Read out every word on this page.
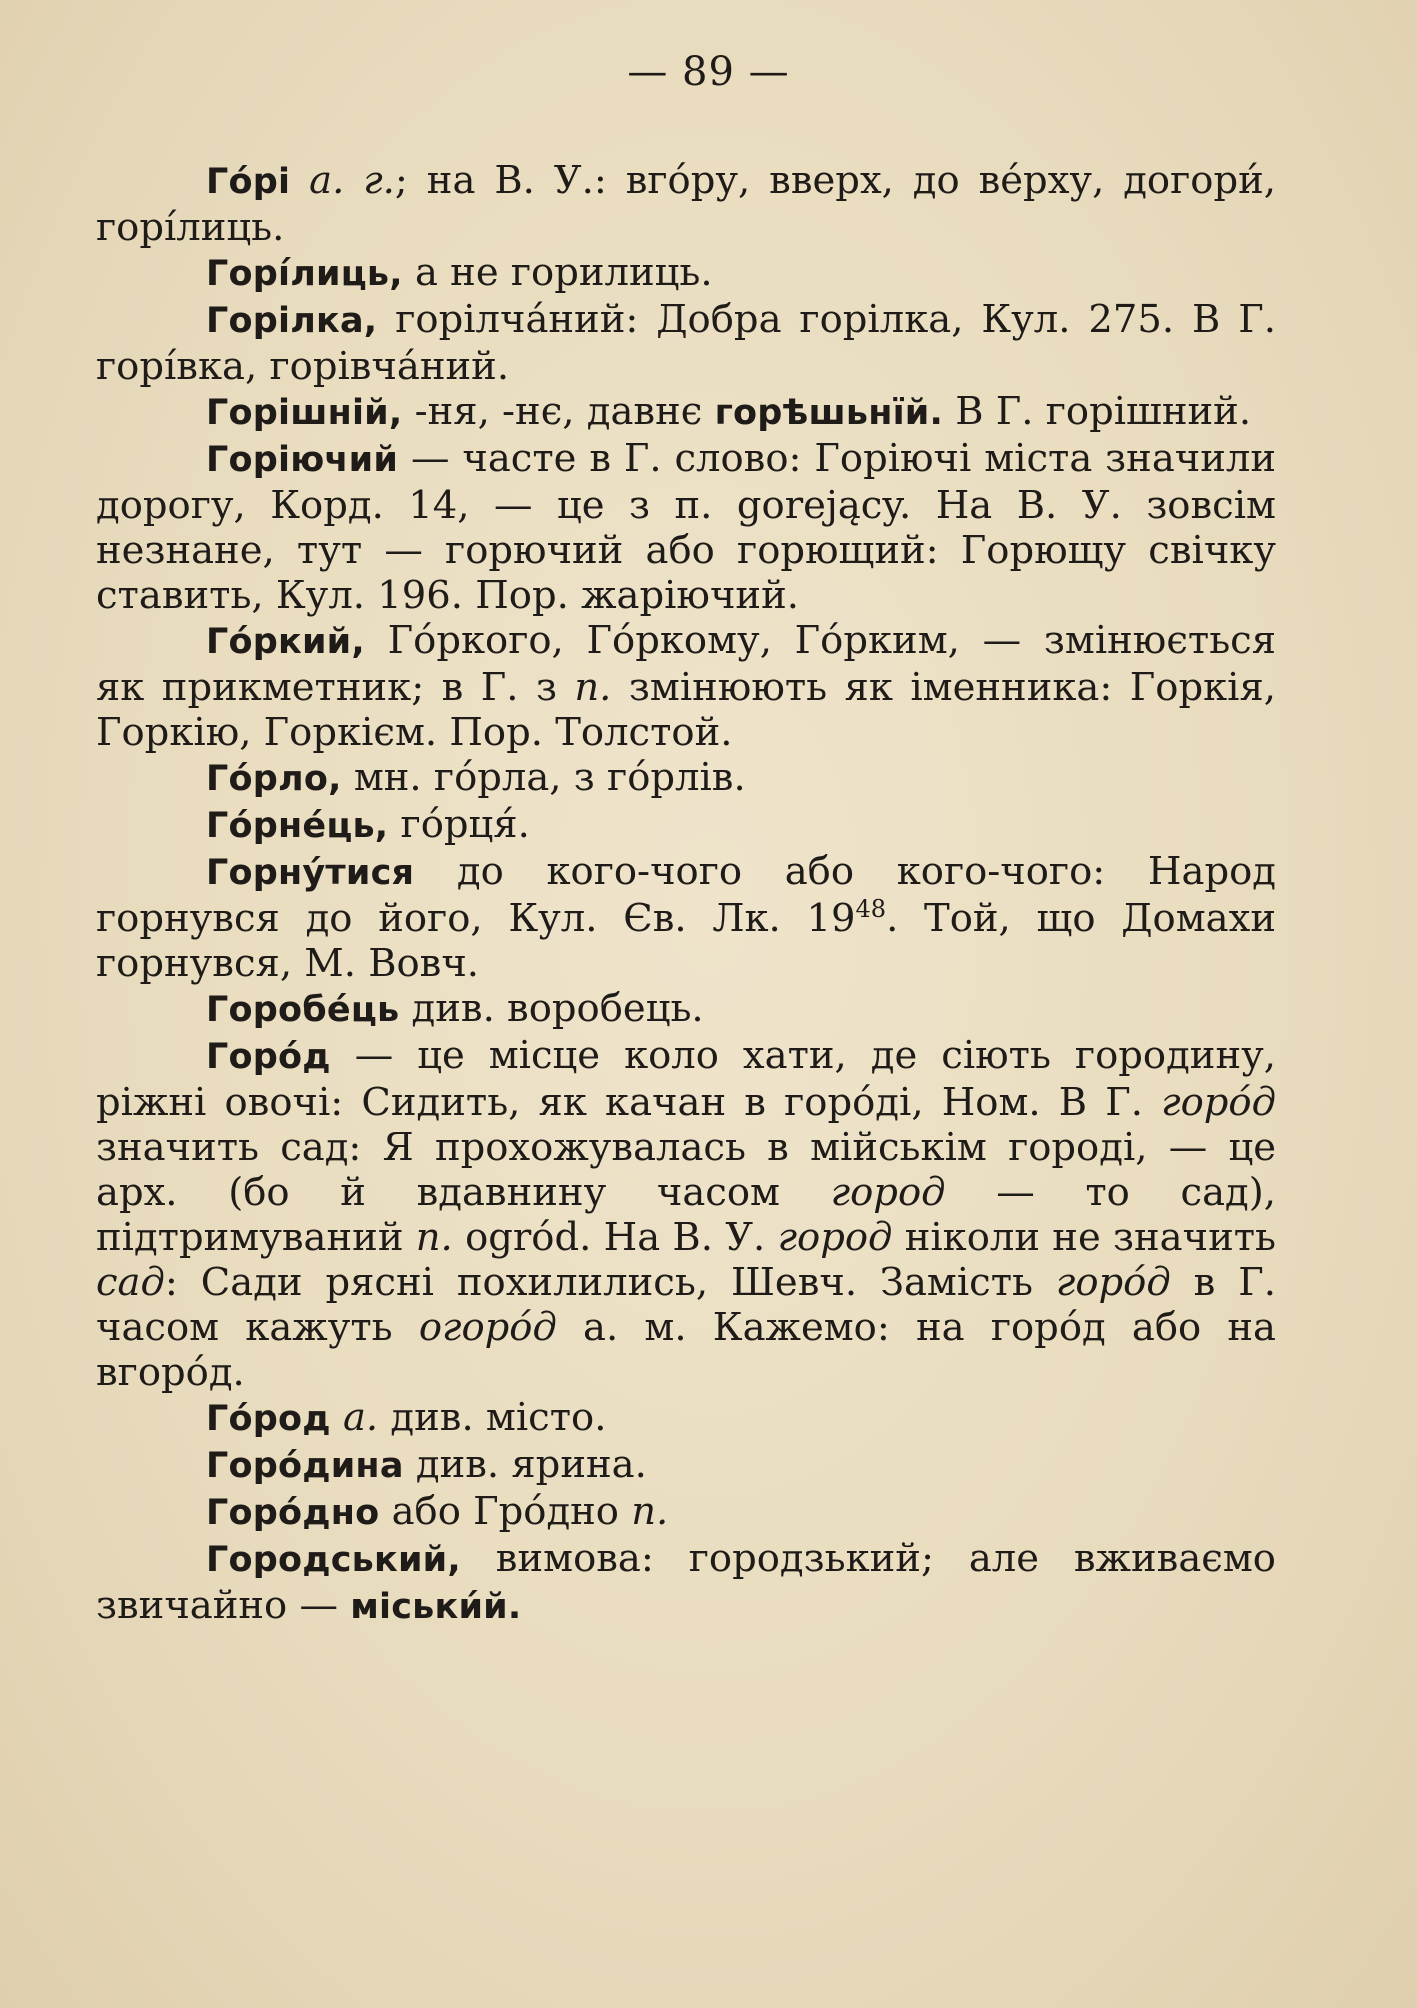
— 89 —

Го́рі а. г.; на В. У.: вгóру, вверх, до вéрху, догори́, горі́лиць.

Горі́лиць, а не горилиць.

Горілка, горілча́ний: Добра горілка, Кул. 275. В Г. горі́вка, горівча́ний.

Горішній, -ня, -нє, давнє горѣшьнїй. В Г. горішний.

Горіючий — часте в Г. слово: Горіючі міста значили дорогу, Корд. 14, — це з п. gorejący. На В. У. зовсім незнане, тут — горючий або горющий: Горющу свічку ставить, Кул. 196. Пор. жаріючий.

Го́ркий, Гóркого, Гóркому, Гóрким, — змінюється як прикметник; в Г. з п. змінюють як іменника: Горкія, Горкію, Горкієм. Пор. Толстой.

Го́рло, мн. гóрла, з гóрлів.

Го́рне́ць, гóрця́.

Горну́тися до кого-чого або кого-чого: Народ горнувся до його, Кул. Єв. Лк. $19^{48}$. Той, що Домахи горнувся, М. Вовч.

Горобе́ць див. воробець.

Горо́д — це місце коло хати, де сіють городину, ріжні овочі: Сидить, як качан в горóді, Ном. В Г. горóд значить сад: Я прохожувалась в мійськім городі, — це арх. (бо й вдавнину часом город — то сад), підтримуваний п. ogród. На В. У. город ніколи не значить сад: Сади ряснi похилились, Шевч. Замість горóд в Г. часом кажуть огорóд а. м. Кажемо: на горóд або на вгорóд.

Го́род а. див. місто.

Горо́дина див. ярина.

Горо́дно або Грóдно п.

Городський, вимова: городзький; але вживаємо звичайно — міськи́й.
